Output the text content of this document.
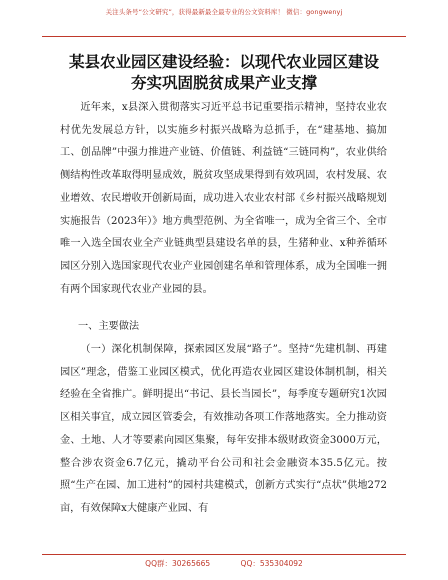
关注头条号“公文研究”，获得最新最全最专业的公文资料库！ 微信：gongwenyj
某县农业园区建设经验：以现代农业园区建设
夯实巩固脱贫成果产业支撑
近年来，x县深入贯彻落实习近平总书记重要指示精神，坚持农业农村优先发展总方针，以实施乡村振兴战略为总抓手，在“建基地、搞加工、创品牌”中强力推进产业链、价值链、利益链“三链同构”，农业供给侧结构性改革取得明显成效，脱贫攻坚成果得到有效巩固，农村发展、农业增效、农民增收开创新局面，成功进入农业农村部《乡村振兴战略规划实施报告（2023年）》地方典型范例、为全省唯一，成为全省三个、全市唯一入选全国农业全产业链典型县建设名单的县，生猪种业、x种养循环园区分别入选国家现代农业产业园创建名单和管理体系，成为全国唯一拥有两个国家现代农业产业园的县。
一、主要做法
（一）深化机制保障，探索园区发展“路子”。坚持“先建机制、再建园区”理念，借鉴工业园区模式，优化再造农业园区建设体制机制，相关经验在全省推广。鲜明提出“书记、县长当园长”，每季度专题研究1次园区相关事宜，成立园区管委会，有效推动各项工作落地落实。全力推动资金、土地、人才等要素向园区集聚，每年安排本级财政资金3000万元，整合涉农资金6.7亿元，撬动平台公司和社会金融资本35.5亿元。按照“生产在园、加工进村”的园村共建模式，创新方式实行“点状”供地272亩，有效保障x大健康产业园、有
QQ群：30265665	QQ：535304092
